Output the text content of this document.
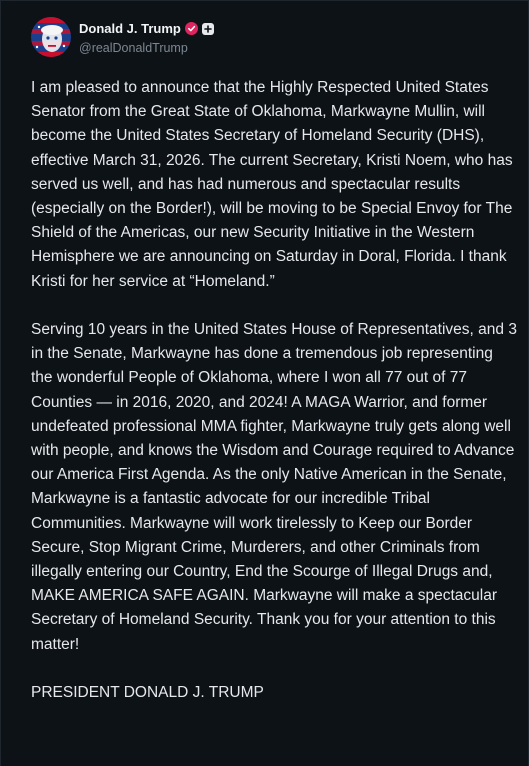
Donald J. Trump
@realDonaldTrump

I am pleased to announce that the Highly Respected United States Senator from the Great State of Oklahoma, Markwayne Mullin, will become the United States Secretary of Homeland Security (DHS), effective March 31, 2026. The current Secretary, Kristi Noem, who has served us well, and has had numerous and spectacular results (especially on the Border!), will be moving to be Special Envoy for The Shield of the Americas, our new Security Initiative in the Western Hemisphere we are announcing on Saturday in Doral, Florida. I thank Kristi for her service at “Homeland.”

Serving 10 years in the United States House of Representatives, and 3 in the Senate, Markwayne has done a tremendous job representing the wonderful People of Oklahoma, where I won all 77 out of 77 Counties — in 2016, 2020, and 2024! A MAGA Warrior, and former undefeated professional MMA fighter, Markwayne truly gets along well with people, and knows the Wisdom and Courage required to Advance our America First Agenda. As the only Native American in the Senate, Markwayne is a fantastic advocate for our incredible Tribal Communities. Markwayne will work tirelessly to Keep our Border Secure, Stop Migrant Crime, Murderers, and other Criminals from illegally entering our Country, End the Scourge of Illegal Drugs and, MAKE AMERICA SAFE AGAIN. Markwayne will make a spectacular Secretary of Homeland Security. Thank you for your attention to this matter!

PRESIDENT DONALD J. TRUMP
